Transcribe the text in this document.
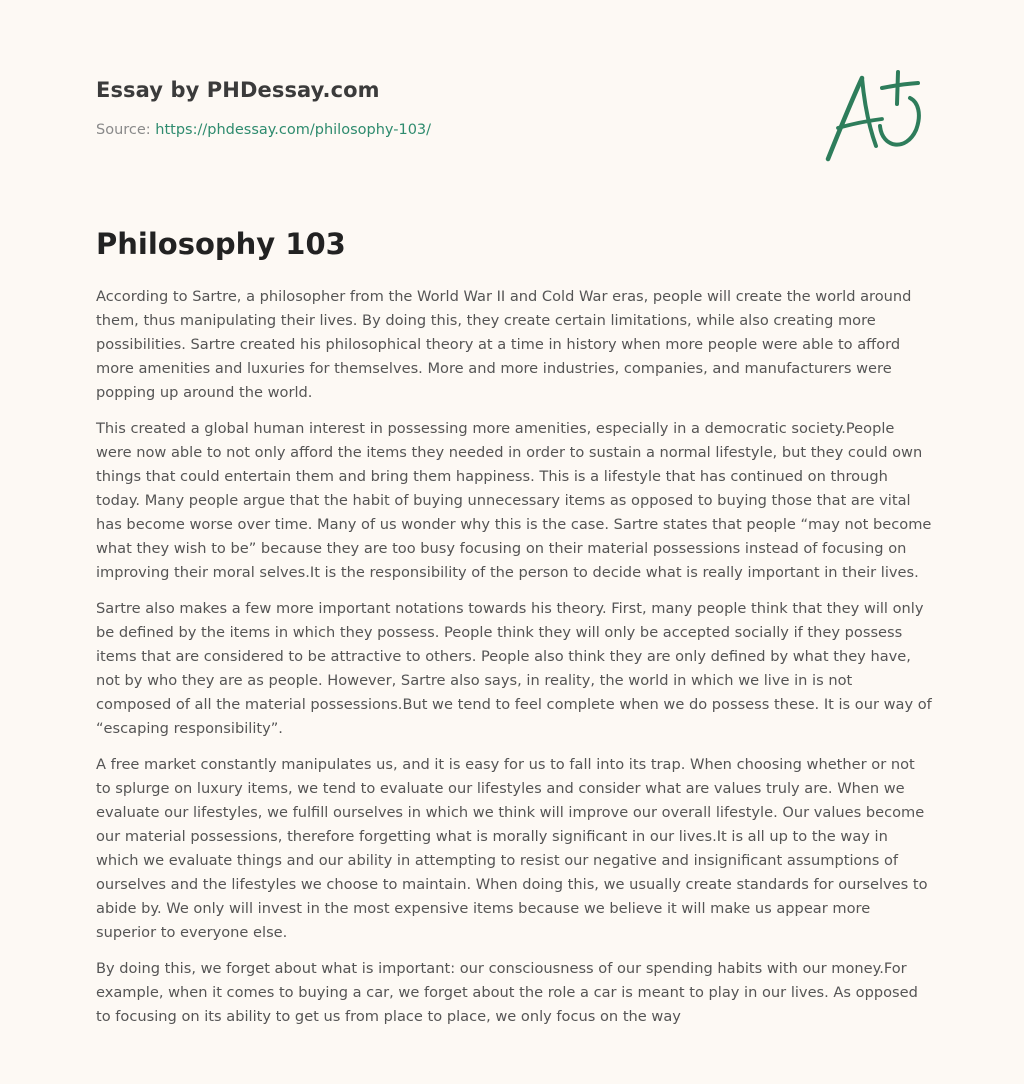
Essay by PHDessay.com
Source: https://phdessay.com/philosophy-103/
Philosophy 103

According to Sartre, a philosopher from the World War II and Cold War eras, people will create the world around them, thus manipulating their lives. By doing this, they create certain limitations, while also creating more possibilities. Sartre created his philosophical theory at a time in history when more people were able to afford more amenities and luxuries for themselves. More and more industries, companies, and manufacturers were popping up around the world.

This created a global human interest in possessing more amenities, especially in a democratic society.People were now able to not only afford the items they needed in order to sustain a normal lifestyle, but they could own things that could entertain them and bring them happiness. This is a lifestyle that has continued on through today. Many people argue that the habit of buying unnecessary items as opposed to buying those that are vital has become worse over time. Many of us wonder why this is the case. Sartre states that people “may not become what they wish to be” because they are too busy focusing on their material possessions instead of focusing on improving their moral selves.It is the responsibility of the person to decide what is really important in their lives.

Sartre also makes a few more important notations towards his theory. First, many people think that they will only be defined by the items in which they possess. People think they will only be accepted socially if they possess items that are considered to be attractive to others. People also think they are only defined by what they have, not by who they are as people. However, Sartre also says, in reality, the world in which we live in is not composed of all the material possessions.But we tend to feel complete when we do possess these. It is our way of “escaping responsibility”.

A free market constantly manipulates us, and it is easy for us to fall into its trap. When choosing whether or not to splurge on luxury items, we tend to evaluate our lifestyles and consider what are values truly are. When we evaluate our lifestyles, we fulfill ourselves in which we think will improve our overall lifestyle. Our values become our material possessions, therefore forgetting what is morally significant in our lives.It is all up to the way in which we evaluate things and our ability in attempting to resist our negative and insignificant assumptions of ourselves and the lifestyles we choose to maintain. When doing this, we usually create standards for ourselves to abide by. We only will invest in the most expensive items because we believe it will make us appear more superior to everyone else.

By doing this, we forget about what is important: our consciousness of our spending habits with our money.For example, when it comes to buying a car, we forget about the role a car is meant to play in our lives. As opposed to focusing on its ability to get us from place to place, we only focus on the way
